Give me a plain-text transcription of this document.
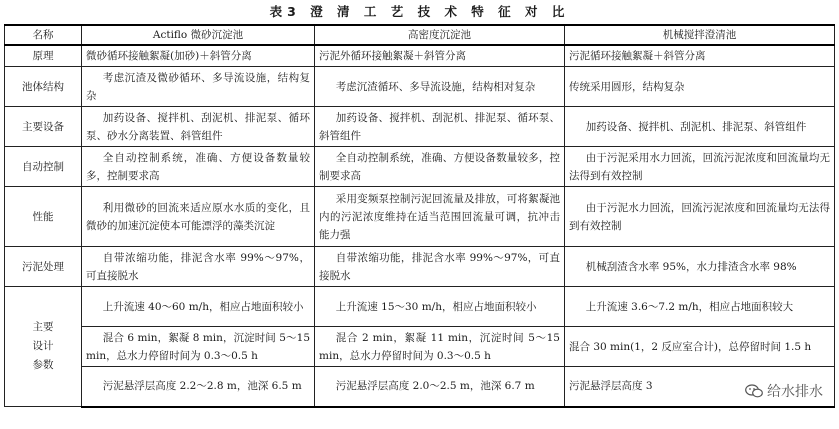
表3 澄 清 工 艺 技 术 特 征 对 比
名称	Actiflo 微砂沉淀池	高密度沉淀池	机械搅拌澄清池
原理	微砂循环接触絮凝(加砂)＋斜管分离	污泥外循环接触絮凝＋斜管分离	污泥循环接触絮凝＋斜管分离
池体结构	考虑沉渣及微砂循环、多导流设施，结构复杂	考虑沉渣循环、多导流设施，结构相对复杂	传统采用圆形，结构复杂
主要设备	加药设备、搅拌机、刮泥机、排泥泵、循环泵、砂水分离装置、斜管组件	加药设备、搅拌机、刮泥机、排泥泵、循环泵、斜管组件	加药设备、搅拌机、刮泥机、排泥泵、斜管组件
自动控制	全自动控制系统，准确、方便设备数量较多，控制要求高	全自动控制系统，准确、方便设备数量较多，控制要求高	由于污泥采用水力回流，回流污泥浓度和回流量均无法得到有效控制
性能	利用微砂的回流来适应原水水质的变化，且微砂的加速沉淀使本可能漂浮的藻类沉淀	采用变频泵控制污泥回流量及排放，可将絮凝池内的污泥浓度维持在适当范围回流量可调，抗冲击能力强	由于污泥水力回流，回流污泥浓度和回流量均无法得到有效控制
污泥处理	自带浓缩功能，排泥含水率 99%～97%，可直接脱水	自带浓缩功能，排泥含水率 99%～97%，可直接脱水	机械刮渣含水率 95%，水力排渣含水率 98%

主要
设计
参数	上升流速 40～60 m/h，相应占地面积较小	上升流速 15～30 m/h，相应占地面积较小	上升流速 3.6～7.2 m/h，相应占地面积较大
	混合 6 min，絮凝 8 min，沉淀时间 5～15 min，总水力停留时间为 0.3～0.5 h	混合 2 min，絮凝 11 min，沉淀时间 5～15 min，总水力停留时间为 0.3～0.5 h	混合 30 min(1，2 反应室合计)，总停留时间 1.5 h
	污泥悬浮层高度 2.2～2.8 m，池深 6.5 m	污泥悬浮层高度 2.0～2.5 m，池深 6.7 m	污泥悬浮层高度 3	给水排水
